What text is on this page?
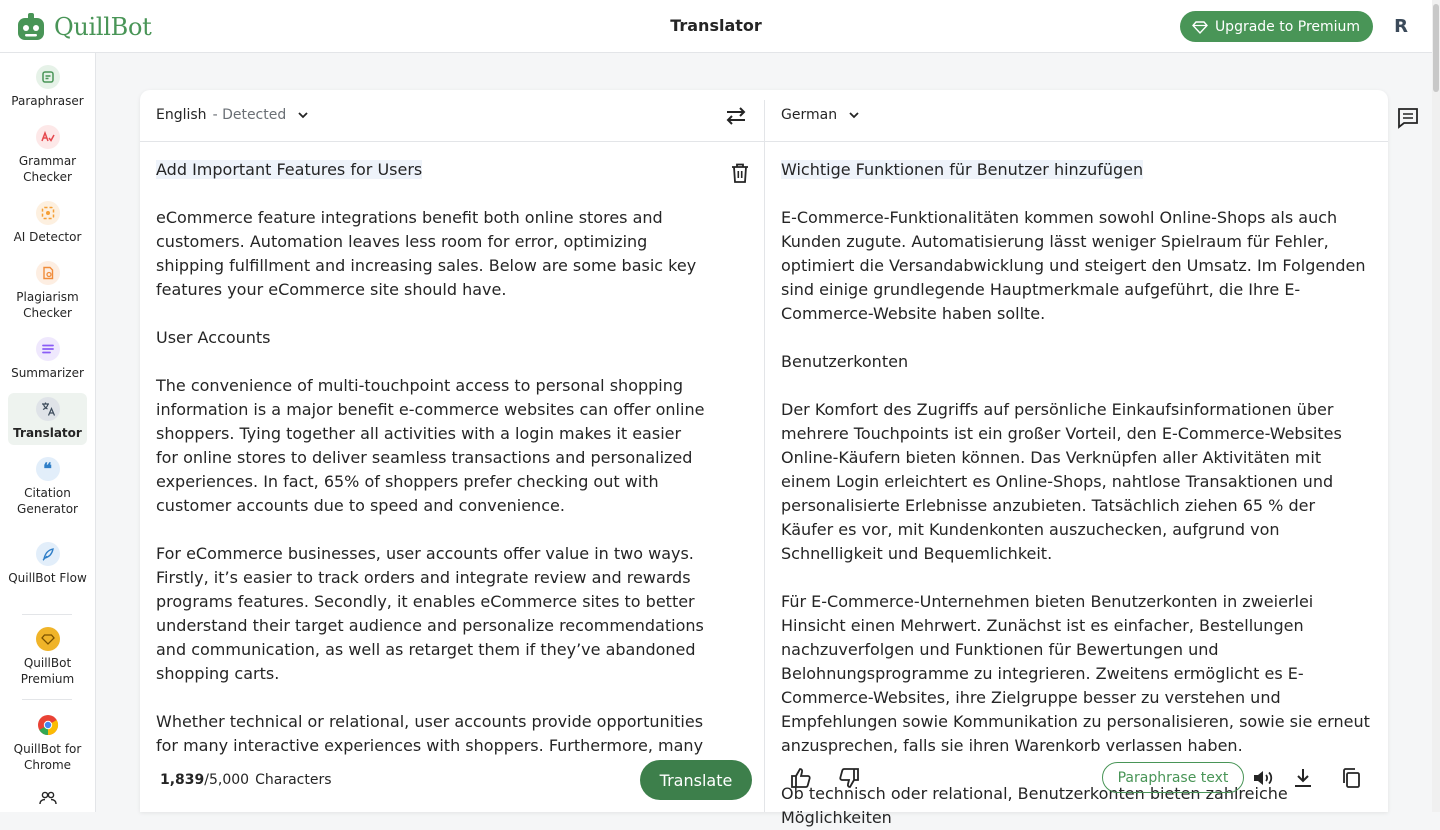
QuillBot	Translator	Upgrade to Premium	R
Paraphraser
Grammar Checker
AI Detector
Plagiarism Checker
Summarizer
Translator
❝
Citation Generator
QuillBot Flow
QuillBot Premium
QuillBot for Chrome
English - Detected	German

Add Important Features for Users

eCommerce feature integrations benefit both online stores and customers. Automation leaves less room for error, optimizing shipping fulfillment and increasing sales. Below are some basic key features your eCommerce site should have.

User Accounts

The convenience of multi-touchpoint access to personal shopping information is a major benefit e-commerce websites can offer online shoppers. Tying together all activities with a login makes it easier for online stores to deliver seamless transactions and personalized experiences. In fact, 65% of shoppers prefer checking out with customer accounts due to speed and convenience.

For eCommerce businesses, user accounts offer value in two ways. Firstly, it’s easier to track orders and integrate review and rewards programs features. Secondly, it enables eCommerce sites to better understand their target audience and personalize recommendations and communication, as well as retarget them if they’ve abandoned shopping carts.

Whether technical or relational, user accounts provide opportunities for many interactive experiences with shoppers. Furthermore, many

Wichtige Funktionen für Benutzer hinzufügen

E-Commerce-Funktionalitäten kommen sowohl Online-Shops als auch Kunden zugute. Automatisierung lässt weniger Spielraum für Fehler, optimiert die Versandabwicklung und steigert den Umsatz. Im Folgenden sind einige grundlegende Hauptmerkmale aufgeführt, die Ihre E-Commerce-Website haben sollte.

Benutzerkonten

Der Komfort des Zugriffs auf persönliche Einkaufsinformationen über mehrere Touchpoints ist ein großer Vorteil, den E-Commerce-Websites Online-Käufern bieten können. Das Verknüpfen aller Aktivitäten mit einem Login erleichtert es Online-Shops, nahtlose Transaktionen und personalisierte Erlebnisse anzubieten. Tatsächlich ziehen 65 % der Käufer es vor, mit Kundenkonten auszuchecken, aufgrund von Schnelligkeit und Bequemlichkeit.

Für E-Commerce-Unternehmen bieten Benutzerkonten in zweierlei Hinsicht einen Mehrwert. Zunächst ist es einfacher, Bestellungen nachzuverfolgen und Funktionen für Bewertungen und Belohnungsprogramme zu integrieren. Zweitens ermöglicht es E-Commerce-Websites, ihre Zielgruppe besser zu verstehen und Empfehlungen sowie Kommunikation zu personalisieren, sowie sie erneut anzusprechen, falls sie ihren Warenkorb verlassen haben.

Ob technisch oder relational, Benutzerkonten bieten zahlreiche Möglichkeiten

1,839/5,000 Characters	Translate	Paraphrase text
